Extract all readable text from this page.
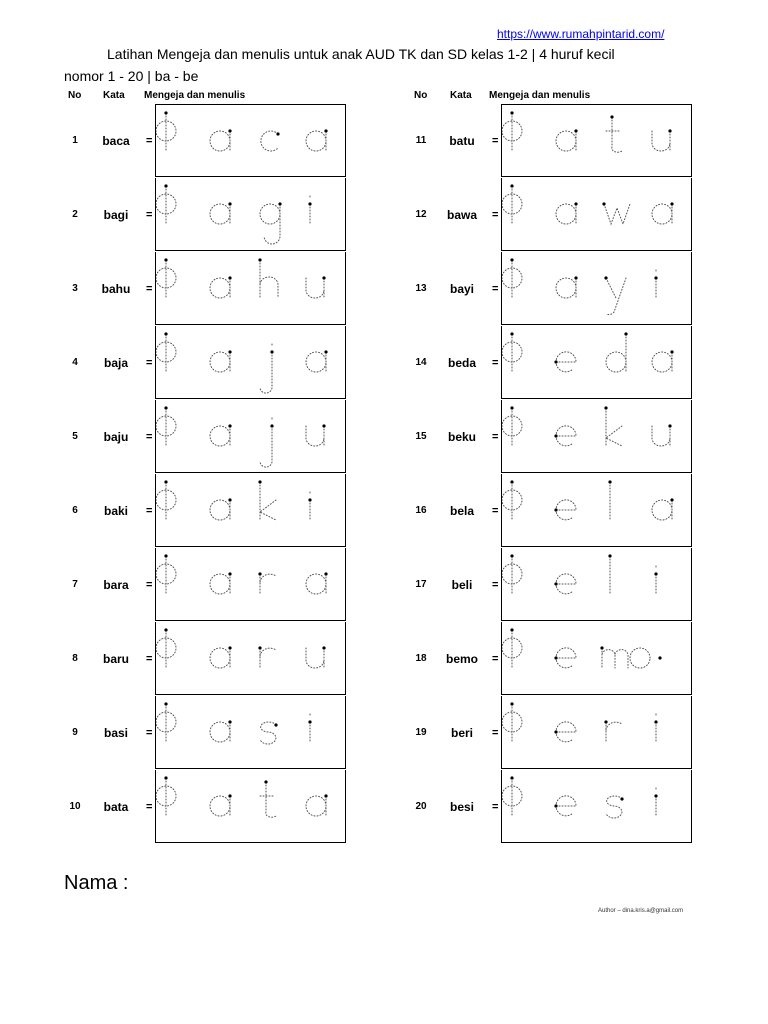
https://www.rumahpintarid.com/
Latihan Mengeja dan menulis untuk anak AUD TK dan SD kelas 1-2 | 4 huruf kecil
nomor 1 - 20 | ba - be
No Kata Mengeja dan menulis	No Kata Mengeja dan menulis
1	baca	=
2	bagi	=
3	bahu	=
4	baja	=
5	baju	=
6	baki	=
7	bara	=
8	baru	=
9	basi	=
10	bata	=
11	batu	=
12	bawa	=
13	bayi	=
14	beda	=
15	beku	=
16	bela	=
17	beli	=
18	bemo	=
19	beri	=
20	besi	=
Nama :
Author – dina.kris.a@gmail.com
